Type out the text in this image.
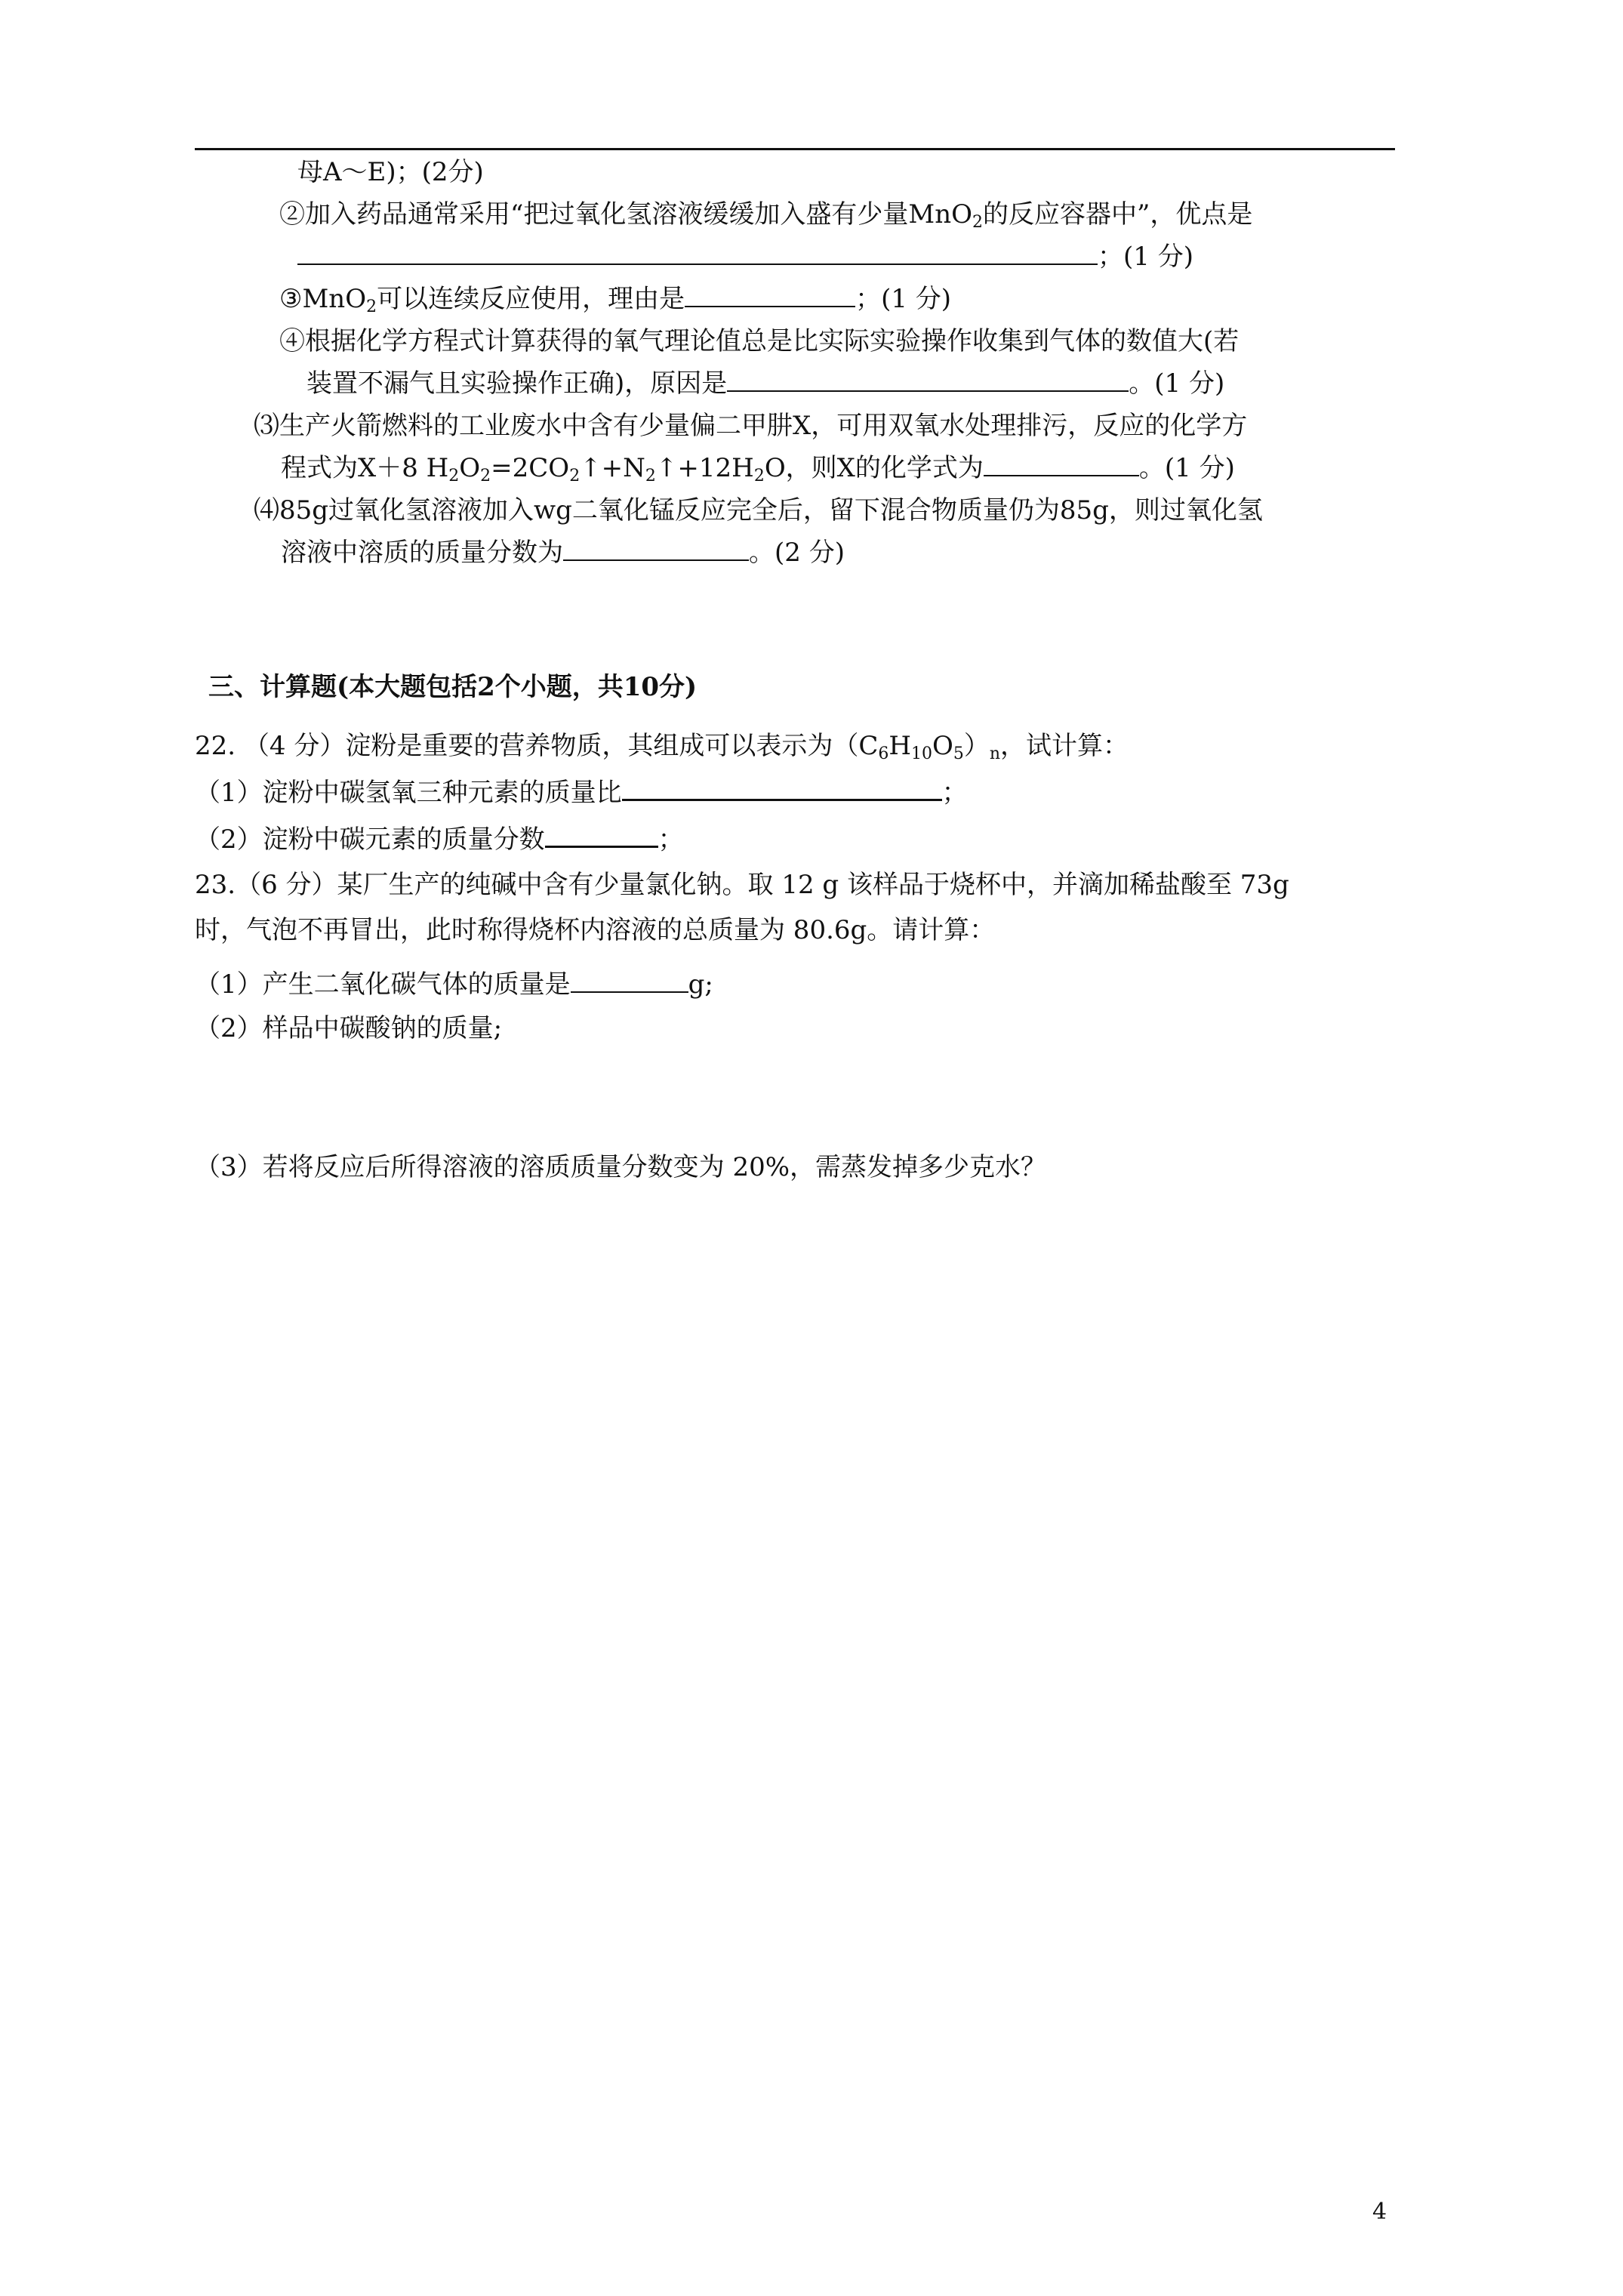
母A～E)；(2分)
②加入药品通常采用“把过氧化氢溶液缓缓加入盛有少量MnO$_2$的反应容器中”，优点是
；(1 分)
③MnO$_2$可以连续反应使用，理由是	；(1 分)
④根据化学方程式计算获得的氧气理论值总是比实际实验操作收集到气体的数值大(若
装置不漏气且实验操作正确)，原因是	。(1 分)
⑶生产火箭燃料的工业废水中含有少量偏二甲肼X，可用双氧水处理排污，反应的化学方
程式为X＋8 $H_2O_2=2CO_2↑+N_2↑+12H_2O$，则X的化学式为	。(1 分)
⑷85g过氧化氢溶液加入wg二氧化锰反应完全后，留下混合物质量仍为85g，则过氧化氢
溶液中溶质的质量分数为	。(2 分)
三、计算题(本大题包括2个小题，共10分)
22. （4 分）淀粉是重要的营养物质，其组成可以表示为$(C_6H_{10}O_5)_n$，试计算：
（1）淀粉中碳氢氧三种元素的质量比	；
（2）淀粉中碳元素的质量分数	；
23.（6 分）某厂生产的纯碱中含有少量氯化钠。取 12 g 该样品于烧杯中，并滴加稀盐酸至 73g
时，气泡不再冒出，此时称得烧杯内溶液的总质量为 80.6g。请计算：
（1）产生二氧化碳气体的质量是	g;
（2）样品中碳酸钠的质量;
（3）若将反应后所得溶液的溶质质量分数变为 20%，需蒸发掉多少克水？
4
